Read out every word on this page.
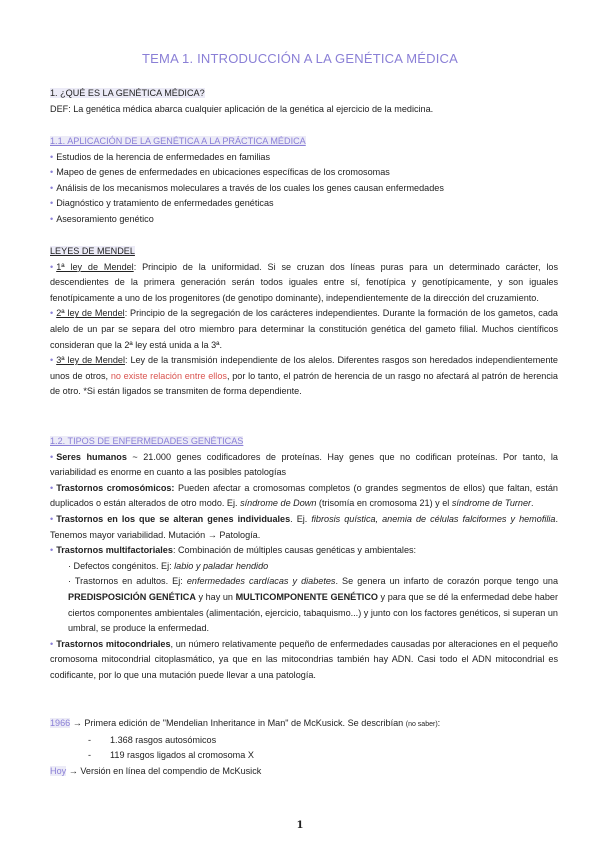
TEMA 1. INTRODUCCIÓN A LA GENÉTICA MÉDICA
1. ¿QUÉ ES LA GENÉTICA MÉDICA?
DEF: La genética médica abarca cualquier aplicación de la genética al ejercicio de la medicina.
1.1. APLICACIÓN DE LA GENÉTICA A LA PRÁCTICA MÉDICA
• Estudios de la herencia de enfermedades en familias
• Mapeo de genes de enfermedades en ubicaciones específicas de los cromosomas
• Análisis de los mecanismos moleculares a través de los cuales los genes causan enfermedades
• Diagnóstico y tratamiento de enfermedades genéticas
• Asesoramiento genético
LEYES DE MENDEL
• 1ª ley de Mendel: Principio de la uniformidad. Si se cruzan dos líneas puras para un determinado carácter, los descendientes de la primera generación serán todos iguales entre sí, fenotípica y genotípicamente, y son iguales fenotípicamente a uno de los progenitores (de genotipo dominante), independientemente de la dirección del cruzamiento.
• 2ª ley de Mendel: Principio de la segregación de los carácteres independientes. Durante la formación de los gametos, cada alelo de un par se separa del otro miembro para determinar la constitución genética del gameto filial. Muchos científicos consideran que la 2ª ley está unida a la 3ª.
• 3ª ley de Mendel: Ley de la transmisión independiente de los alelos. Diferentes rasgos son heredados independientemente unos de otros, no existe relación entre ellos, por lo tanto, el patrón de herencia de un rasgo no afectará al patrón de herencia de otro. *Si están ligados se transmiten de forma dependiente.
1.2. TIPOS DE ENFERMEDADES GENÉTICAS
• Seres humanos ~ 21.000 genes codificadores de proteínas. Hay genes que no codifican proteínas. Por tanto, la variabilidad es enorme en cuanto a las posibles patologías
• Trastornos cromosómicos: Pueden afectar a cromosomas completos (o grandes segmentos de ellos) que faltan, están duplicados o están alterados de otro modo. Ej. síndrome de Down (trisomía en cromosoma 21) y el síndrome de Turner.
• Trastornos en los que se alteran genes individuales. Ej. fibrosis quística, anemia de células falciformes y hemofilia. Tenemos mayor variabilidad. Mutación → Patología.
• Trastornos multifactoriales: Combinación de múltiples causas genéticas y ambientales:
· Defectos congénitos. Ej: labio y paladar hendido
· Trastornos en adultos. Ej: enfermedades cardíacas y diabetes. Se genera un infarto de corazón porque tengo una PREDISPOSICIÓN GENÉTICA y hay un MULTICOMPONENTE GENÉTICO y para que se dé la enfermedad debe haber ciertos componentes ambientales (alimentación, ejercicio, tabaquismo...) y junto con los factores genéticos, si superan un umbral, se produce la enfermedad.
• Trastornos mitocondriales, un número relativamente pequeño de enfermedades causadas por alteraciones en el pequeño cromosoma mitocondrial citoplasmático, ya que en las mitocondrias también hay ADN. Casi todo el ADN mitocondrial es codificante, por lo que una mutación puede llevar a una patología.
1966 → Primera edición de "Mendelian Inheritance in Man" de McKusick. Se describían (no saber):
- 1.368 rasgos autosómicos
- 119 rasgos ligados al cromosoma X
Hoy → Versión en línea del compendio de McKusick
1
